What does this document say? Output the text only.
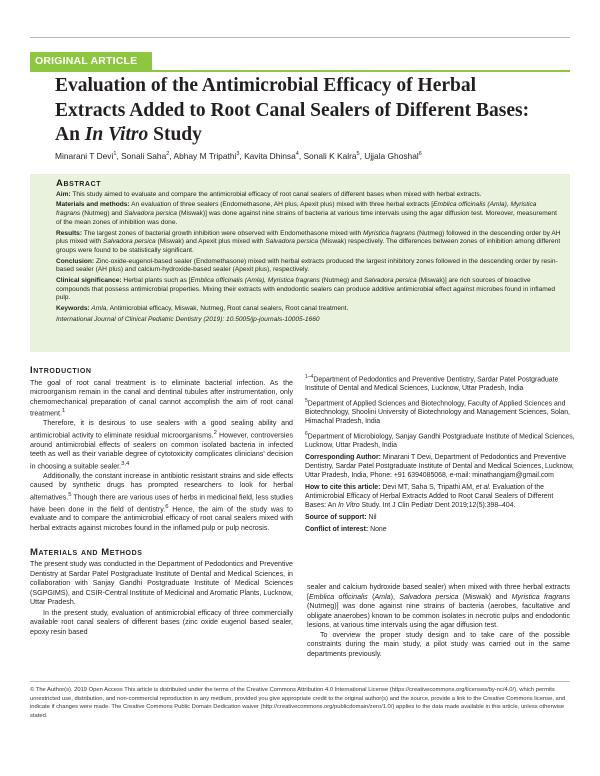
ORIGINAL ARTICLE
Evaluation of the Antimicrobial Efficacy of Herbal
Extracts Added to Root Canal Sealers of Different Bases:
An In Vitro Study
Minarani T Devi$^1$, Sonali Saha$^2$, Abhay M Tripathi$^3$, Kavita Dhinsa$^4$, Sonali K Kalra$^5$, Ujjala Ghoshal$^6$
Abstract

Aim: This study aimed to evaluate and compare the antimicrobial efficacy of root canal sealers of different bases when mixed with herbal extracts.

Materials and methods: An evaluation of three sealers (Endomethasone, AH plus, Apexit plus) mixed with three herbal extracts [Emblica officinalis (Amla), Myristica fragrans (Nutmeg) and Salvadora persica (Miswak)] was done against nine strains of bacteria at various time intervals using the agar diffusion test. Moreover, measurement of the mean zones of inhibition was done.

Results: The largest zones of bacterial growth inhibition were observed with Endomethasone mixed with Myristica fragrans (Nutmeg) followed in the descending order by AH plus mixed with Salvadora persica (Miswak) and Apexit plus mixed with Salvadora persica (Miswak) respectively. The differences between zones of inhibition among different groups were found to be statistically significant.

Conclusion: Zinc-oxide-eugenol-based sealer (Endomethasone) mixed with herbal extracts produced the largest inhibitory zones followed in the descending order by resin-based sealer (AH plus) and calcium-hydroxide-based sealer (Apexit plus), respectively.

Clinical significance: Herbal plants such as [Emblica officinalis (Amla), Myristica fragrans (Nutmeg) and Salvadora persica (Miswak)] are rich sources of bioactive compounds that possess antimicrobial properties. Mixing their extracts with endodontic sealers can produce additive antimicrobial effect against microbes found in inflamed pulp.

Keywords: Amla, Antimicrobial efficacy, Miswak, Nutmeg, Root canal sealers, Root canal treatment.

International Journal of Clinical Pediatric Dentistry (2019): 10.5005/jp-journals-10005-1660

Introduction

The goal of root canal treatment is to eliminate bacterial infection. As the microorganism remain in the canal and dentinal tubules after instrumentation, only chemomechanical preparation of canal cannot accomplish the aim of root canal treatment.$^1$

Therefore, it is desirous to use sealers with a good sealing ability and antimicrobial activity to eliminate residual microorganisms.$^2$ However, controversies around antimicrobial effects of sealers on common isolated bacteria in infected teeth as well as their variable degree of cytotoxicity complicates clinicians' decision in choosing a suitable sealer.$^{3,4}$

Additionally, the constant increase in antibiotic resistant strains and side effects caused by synthetic drugs has prompted researchers to look for herbal alternatives.$^5$ Though there are various uses of herbs in medicinal field, less studies have been done in the field of dentistry.$^6$ Hence, the aim of the study was to evaluate and to compare the antimicrobial efficacy of root canal sealers mixed with herbal extracts against microbes found in the inflamed pulp or pulp necrosis.

Materials and Methods

The present study was conducted in the Department of Pedodontics and Preventive Dentistry at Sardar Patel Postgraduate Institute of Dental and Medical Sciences, in collaboration with Sanjay Gandhi Postgraduate Institute of Medical Sciences (SGPGIMS), and CSIR-Central Institute of Medicinal and Aromatic Plants, Lucknow, Uttar Pradesh.

In the present study, evaluation of antimicrobial efficacy of three commercially available root canal sealers of different bases (zinc oxide eugenol based sealer, epoxy resin based

$^{1-4}$Department of Pedodontics and Preventive Dentistry, Sardar Patel Postgraduate Institute of Dental and Medical Sciences, Lucknow, Uttar Pradesh, India

$^5$Department of Applied Sciences and Biotechnology, Faculty of Applied Sciences and Biotechnology, Shoolini University of Biotechnology and Management Sciences, Solan, Himachal Pradesh, India

$^6$Department of Microbiology, Sanjay Gandhi Postgraduate Institute of Medical Sciences, Lucknow, Uttar Pradesh, India

Corresponding Author: Minarani T Devi, Department of Pedodontics and Preventive Dentistry, Sardar Patel Postgraduate Institute of Dental and Medical Sciences, Lucknow, Uttar Pradesh, India, Phone: +91 6394085068, e-mail: minathangjam@gmail.com

How to cite this article: Devi MT, Saha S, Tripathi AM, et al. Evaluation of the Antimicrobial Efficacy of Herbal Extracts Added to Root Canal Sealers of Different Bases: An In Vitro Study. Int J Clin Pediatr Dent 2019;12(5):398–404.

Source of support: Nil

Conflict of interest: None

sealer and calcium hydroxide based sealer) when mixed with three herbal extracts [Emblica officinalis (Amla), Salvadora persica (Miswak) and Myristica fragrans (Nutmeg)] was done against nine strains of bacteria (aerobes, facultative and obligate anaerobes) known to be common isolates in necrotic pulps and endodontic lesions, at various time intervals using the agar diffusion test.

To overview the proper study design and to take care of the possible constraints during the main study, a pilot study was carried out in the same departments previously.

© The Author(s). 2019 Open Access This article is distributed under the terms of the Creative Commons Attribution 4.0 International License (https://creativecommons.org/licenses/by-nc/4.0/), which permits unrestricted use, distribution, and non-commercial reproduction in any medium, provided you give appropriate credit to the original author(s) and the source, provide a link to the Creative Commons license, and indicate if changes were made. The Creative Commons Public Domain Dedication waiver (http://creativecommons.org/publicdomain/zero/1.0/) applies to the data made available in this article, unless otherwise stated.
